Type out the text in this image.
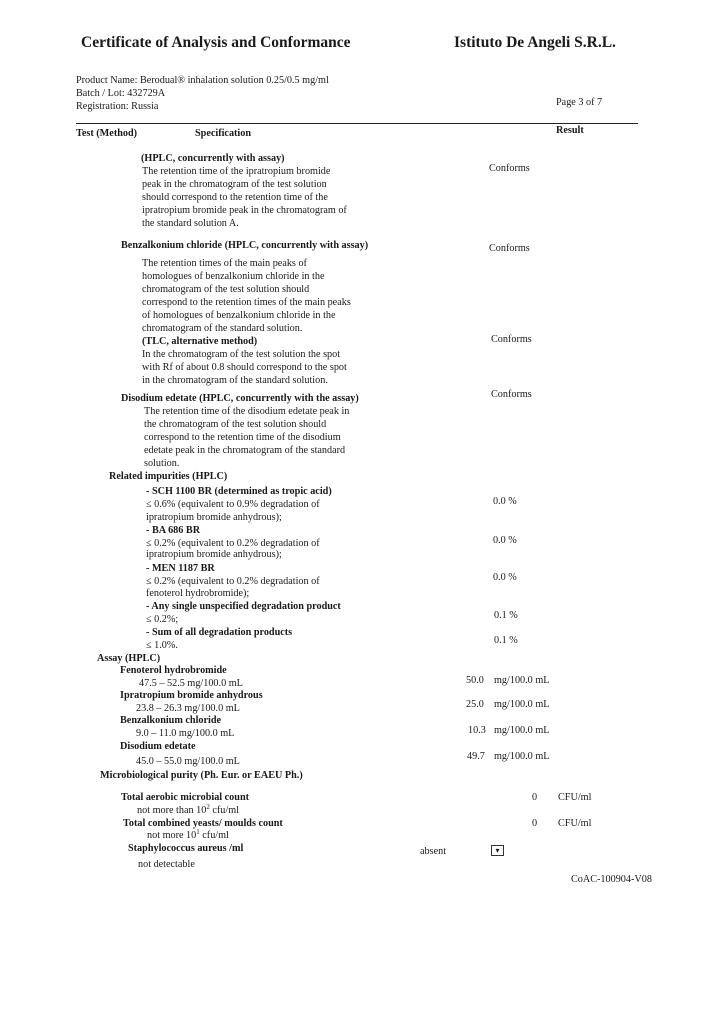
Certificate of Analysis and Conformance	Istituto De Angeli S.R.L.
Product Name: Berodual® inhalation solution 0.25/0.5 mg/ml
Batch / Lot: 432729A
Registration: Russia	Page 3 of 7
Test (Method)	Specification	Result
(HPLC, concurrently with assay)
The retention time of the ipratropium bromide
peak in the chromatogram of the test solution
should correspond to the retention time of the
ipratropium bromide peak in the chromatogram of
the standard solution A.
Conforms
Benzalkonium chloride (HPLC, concurrently with assay)	Conforms
The retention times of the main peaks of
homologues of benzalkonium chloride in the
chromatogram of the test solution should
correspond to the retention times of the main peaks
of homologues of benzalkonium chloride in the
chromatogram of the standard solution.
(TLC, alternative method)	Conforms
In the chromatogram of the test solution the spot
with Rf of about 0.8 should correspond to the spot
in the chromatogram of the standard solution.
Disodium edetate (HPLC, concurrently with the assay)	Conforms
The retention time of the disodium edetate peak in
the chromatogram of the test solution should
correspond to the retention time of the disodium
edetate peak in the chromatogram of the standard
solution.
Related impurities (HPLC)
- SCH 1100 BR (determined as tropic acid)
≤ 0.6% (equivalent to 0.9% degradation of
ipratropium bromide anhydrous);
0.0 %
- BA 686 BR
≤ 0.2% (equivalent to 0.2% degradation of
ipratropium bromide anhydrous);
0.0 %
- MEN 1187 BR
≤ 0.2% (equivalent to 0.2% degradation of
fenoterol hydrobromide);
0.0 %
- Any single unspecified degradation product
≤ 0.2%;	0.1 %
- Sum of all degradation products
≤ 1.0%.	0.1 %
Assay (HPLC)
Fenoterol hydrobromide
47.5 – 52.5 mg/100.0 mL	50.0 mg/100.0 mL
Ipratropium bromide anhydrous
23.8 – 26.3 mg/100.0 mL	25.0 mg/100.0 mL
Benzalkonium chloride
9.0 – 11.0 mg/100.0 mL	10.3 mg/100.0 mL
Disodium edetate
45.0 – 55.0 mg/100.0 mL	49.7 mg/100.0 mL
Microbiological purity (Ph. Eur. or EAEU Ph.)
Total aerobic microbial count
not more than $10^2$ cfu/ml
0 CFU/ml
Total combined yeasts/ moulds count
not more $10^1$ cfu/ml
0 CFU/ml
Staphylococcus aureus /ml	absent	▾
not detectable
CoAC-100904-V08
